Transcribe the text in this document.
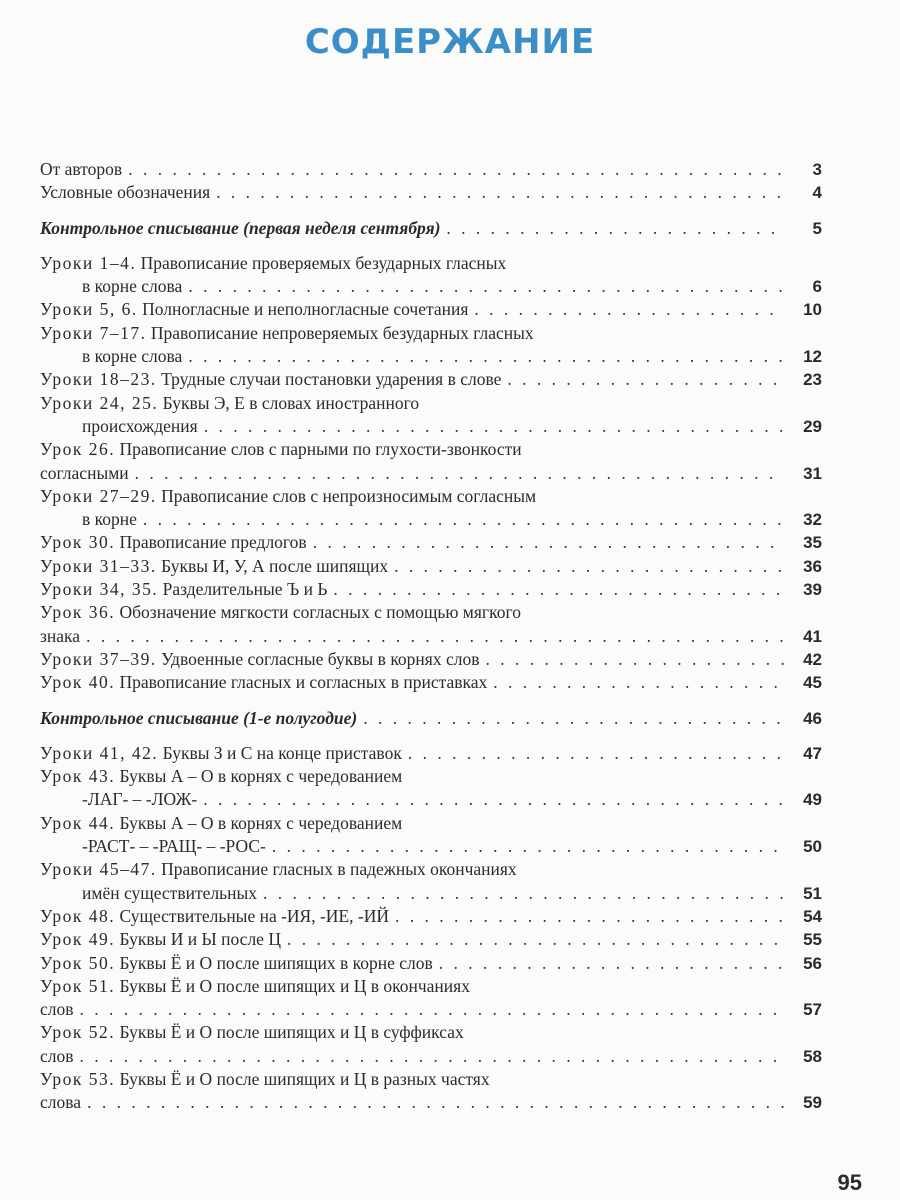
СОДЕРЖАНИЕ
От авторов . . .	3
Условные обозначения . . .	4
Контрольное списывание (первая неделя сентября) . . .	5
Уроки 1–4. Правописание проверяемых безударных гласных
в корне слова . . .	6
Уроки 5, 6. Полногласные и неполногласные сочетания . . .	10
Уроки 7–17. Правописание непроверяемых безударных гласных
в корне слова . . .	12
Уроки 18–23. Трудные случаи постановки ударения в слове . . .	23
Уроки 24, 25. Буквы Э, Е в словах иностранного
происхождения . . .	29
Урок 26. Правописание слов с парными по глухости-звонкости
согласными . . .	31
Уроки 27–29. Правописание слов с непроизносимым согласным
в корне . . .	32
Урок 30. Правописание предлогов . . .	35
Уроки 31–33. Буквы И, У, А после шипящих . . .	36
Уроки 34, 35. Разделительные Ъ и Ь . . .	39
Урок 36. Обозначение мягкости согласных с помощью мягкого
знака . . .	41
Уроки 37–39. Удвоенные согласные буквы в корнях слов . . .	42
Урок 40. Правописание гласных и согласных в приставках . . .	45
Контрольное списывание (1-е полугодие) . . .	46
Уроки 41, 42. Буквы З и С на конце приставок . . .	47
Урок 43. Буквы А – О в корнях с чередованием
-ЛАГ- – -ЛОЖ- . . .	49
Урок 44. Буквы А – О в корнях с чередованием
-РАСТ- – -РАЩ- – -РОС- . . .	50
Уроки 45–47. Правописание гласных в падежных окончаниях
имён существительных . . .	51
Урок 48. Существительные на -ИЯ, -ИЕ, -ИЙ . . .	54
Урок 49. Буквы И и Ы после Ц . . .	55
Урок 50. Буквы Ё и О после шипящих в корне слов . . .	56
Урок 51. Буквы Ё и О после шипящих и Ц в окончаниях
слов . . .	57
Урок 52. Буквы Ё и О после шипящих и Ц в суффиксах
слов . . .	58
Урок 53. Буквы Ё и О после шипящих и Ц в разных частях
слова . . .	59
95
